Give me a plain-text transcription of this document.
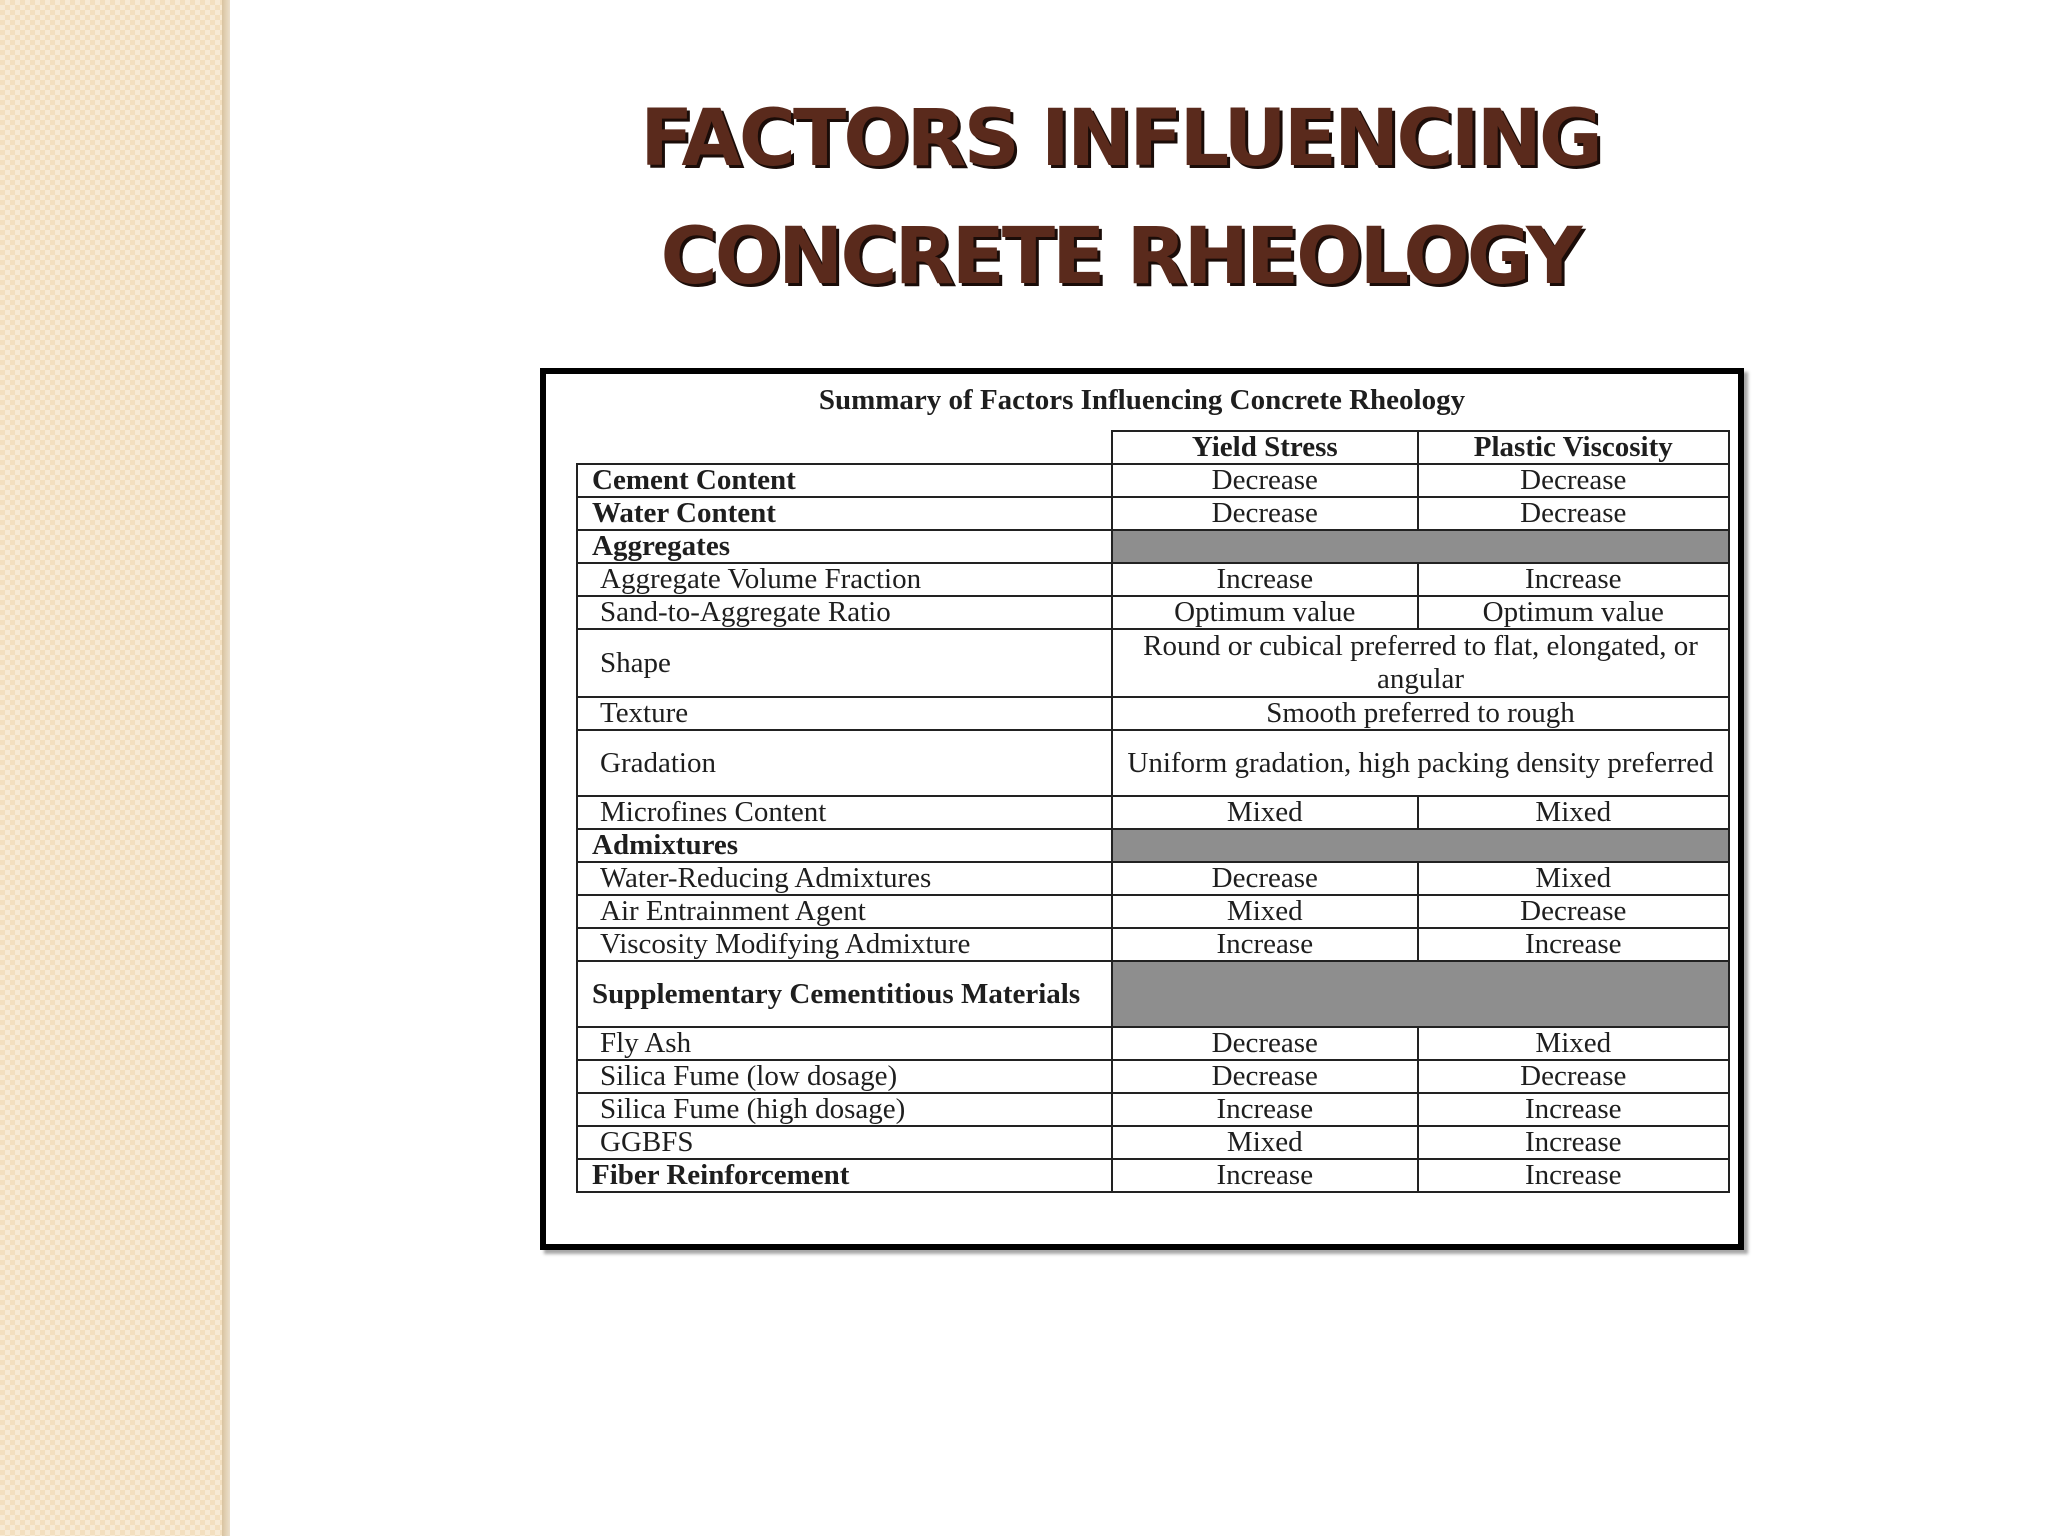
FACTORS INFLUENCING
CONCRETE RHEOLOGY
Summary of Factors Influencing Concrete Rheology
	Yield Stress	Plastic Viscosity
Cement Content	Decrease	Decrease
Water Content	Decrease	Decrease
Aggregates		
Aggregate Volume Fraction	Increase	Increase
Sand-to-Aggregate Ratio	Optimum value	Optimum value
Shape	Round or cubical preferred to flat, elongated, or angular	
Texture	Smooth preferred to rough	
Gradation	Uniform gradation, high packing density preferred	
Microfines Content	Mixed	Mixed
Admixtures		
Water-Reducing Admixtures	Decrease	Mixed
Air Entrainment Agent	Mixed	Decrease
Viscosity Modifying Admixture	Increase	Increase
Supplementary Cementitious Materials		
Fly Ash	Decrease	Mixed
Silica Fume (low dosage)	Decrease	Decrease
Silica Fume (high dosage)	Increase	Increase
GGBFS	Mixed	Increase
Fiber Reinforcement	Increase	Increase
